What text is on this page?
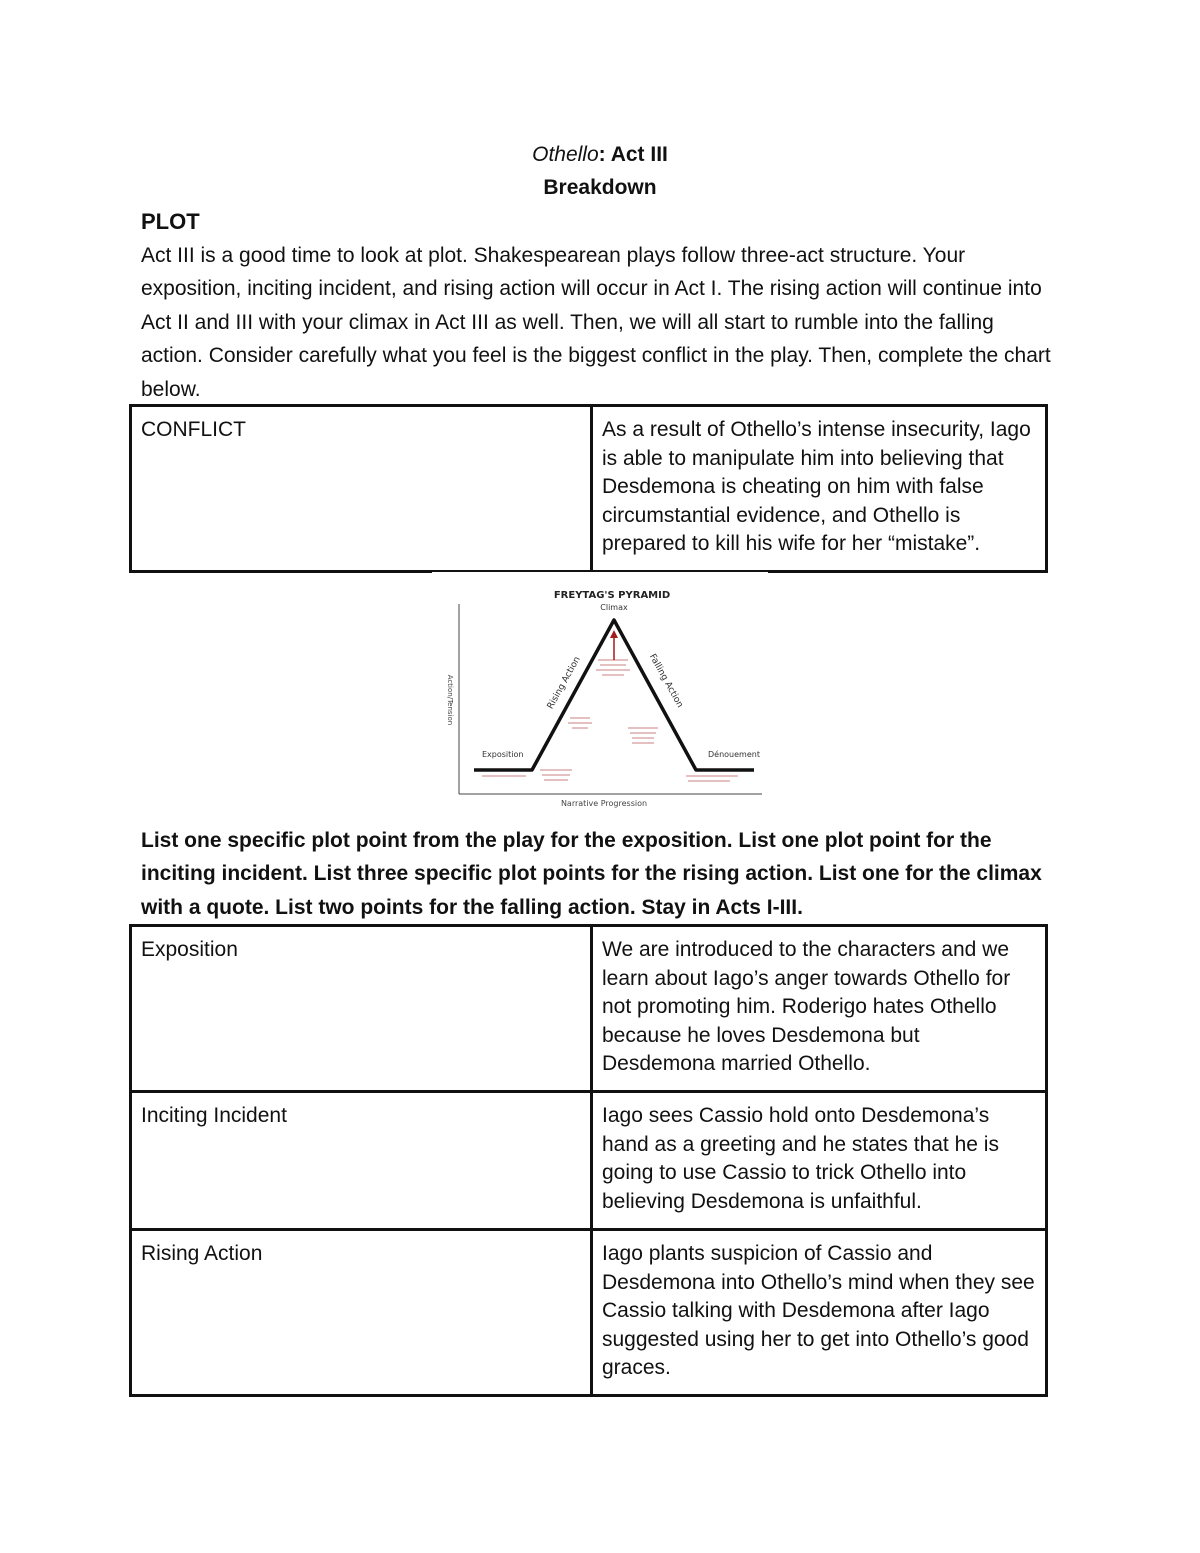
Othello: Act III
Breakdown
PLOT
Act III is a good time to look at plot. Shakespearean plays follow three-act structure. Your exposition, inciting incident, and rising action will occur in Act I. The rising action will continue into Act II and III with your climax in Act III as well. Then, we will all start to rumble into the falling action. Consider carefully what you feel is the biggest conflict in the play. Then, complete the chart below.
CONFLICT	As a result of Othello’s intense insecurity, Iago is able to manipulate him into believing that Desdemona is cheating on him with false circumstantial evidence, and Othello is prepared to kill his wife for her “mistake”.
FREYTAG'S PYRAMID
Climax
Action/Tension
Narrative Progression
Rising Action	Falling Action
Exposition	Dénouement
List one specific plot point from the play for the exposition. List one plot point for the
inciting incident. List three specific plot points for the rising action. List one for the climax
with a quote. List two points for the falling action. Stay in Acts I-III.
Exposition	We are introduced to the characters and we learn about Iago’s anger towards Othello for not promoting him. Roderigo hates Othello because he loves Desdemona but Desdemona married Othello.
Inciting Incident	Iago sees Cassio hold onto Desdemona’s hand as a greeting and he states that he is going to use Cassio to trick Othello into believing Desdemona is unfaithful.
Rising Action	Iago plants suspicion of Cassio and Desdemona into Othello’s mind when they see Cassio talking with Desdemona after Iago suggested using her to get into Othello’s good graces.
